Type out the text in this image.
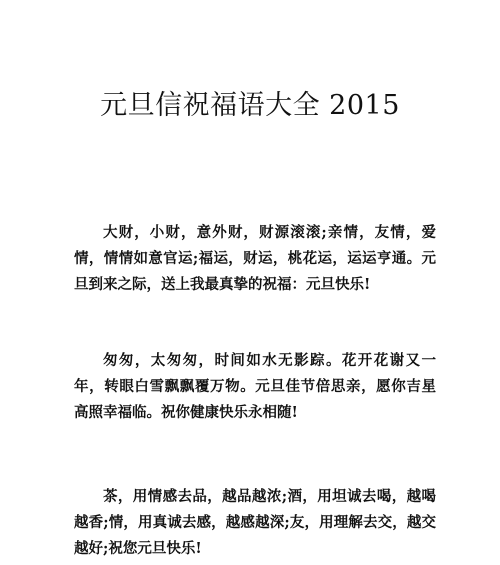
元旦信祝福语大全 2015

大财，小财，意外财，财源滚滚;亲情，友情，爱情，情情如意官运;福运，财运，桃花运，运运亨通。元旦到来之际，送上我最真挚的祝福：元旦快乐!

匆匆，太匆匆，时间如水无影踪。花开花谢又一年，转眼白雪飘飘覆万物。元旦佳节倍思亲，愿你吉星高照幸福临。祝你健康快乐永相随!

茶，用情感去品，越品越浓;酒，用坦诚去喝，越喝越香;情，用真诚去感，越感越深;友，用理解去交，越交越好;祝您元旦快乐!
